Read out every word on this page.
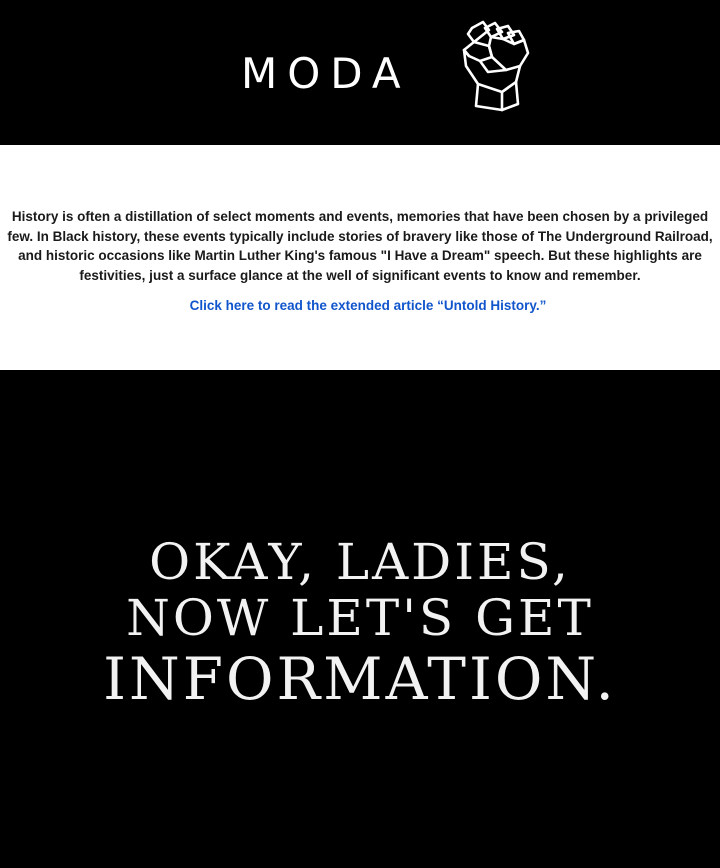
MODA

History is often a distillation of select moments and events, memories that have been chosen by a privileged few. In Black history, these events typically include stories of bravery like those of The Underground Railroad, and historic occasions like Martin Luther King's famous "I Have a Dream" speech. But these highlights are festivities, just a surface glance at the well of significant events to know and remember.

Click here to read the extended article “Untold History.”
OKAY, LADIES,
NOW LET'S GET
INFORMATION.
